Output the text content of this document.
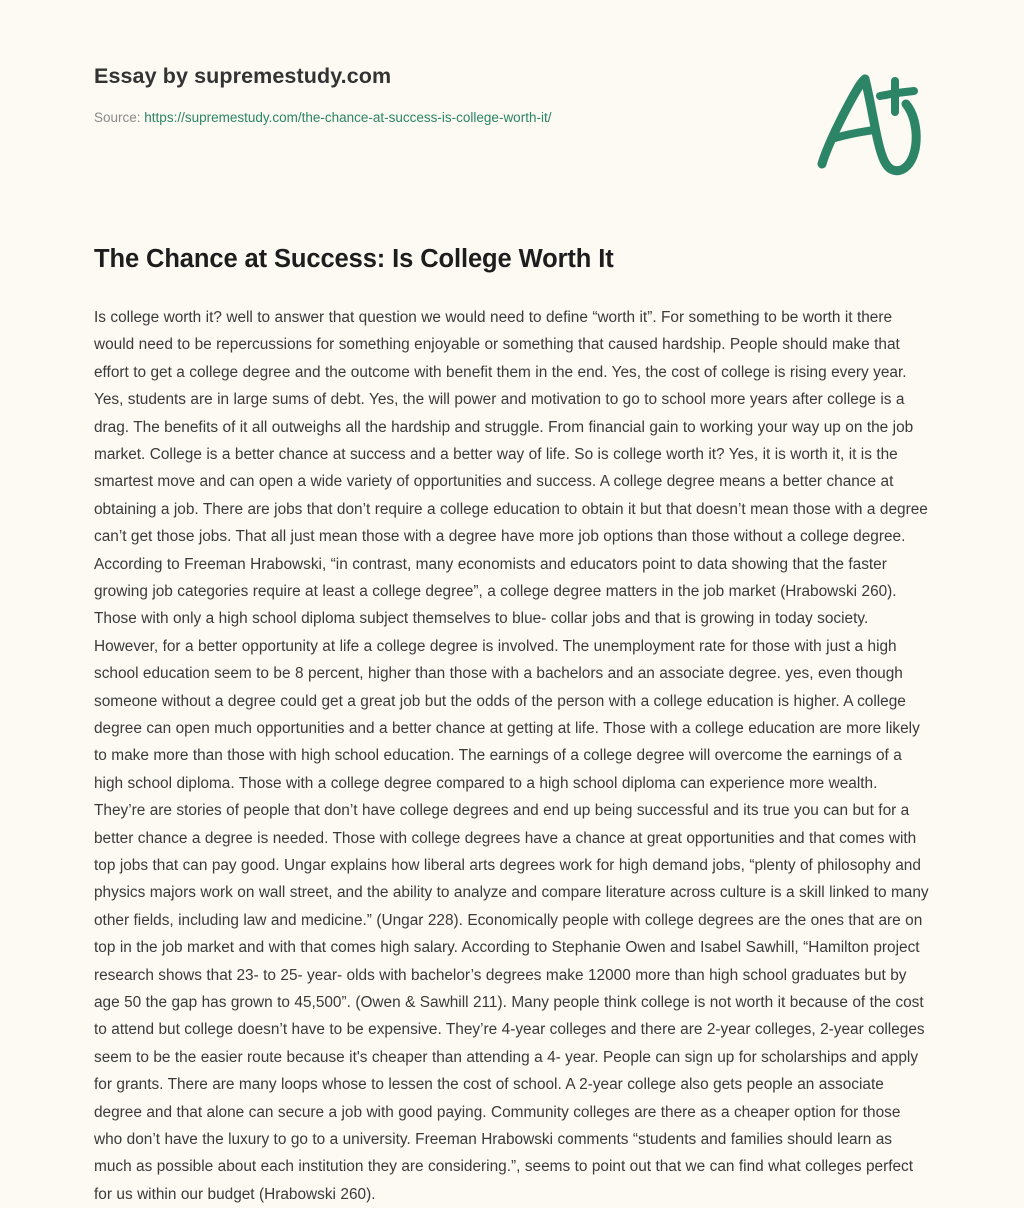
Essay by supremestudy.com
Source: https://supremestudy.com/the-chance-at-success-is-college-worth-it/
The Chance at Success: Is College Worth It

Is college worth it? well to answer that question we would need to define “worth it”. For something to be worth it there would need to be repercussions for something enjoyable or something that caused hardship. People should make that effort to get a college degree and the outcome with benefit them in the end. Yes, the cost of college is rising every year. Yes, students are in large sums of debt. Yes, the will power and motivation to go to school more years after college is a drag. The benefits of it all outweighs all the hardship and struggle. From financial gain to working your way up on the job market. College is a better chance at success and a better way of life. So is college worth it? Yes, it is worth it, it is the smartest move and can open a wide variety of opportunities and success. A college degree means a better chance at obtaining a job. There are jobs that don’t require a college education to obtain it but that doesn’t mean those with a degree can’t get those jobs. That all just mean those with a degree have more job options than those without a college degree. According to Freeman Hrabowski, “in contrast, many economists and educators point to data showing that the faster growing job categories require at least a college degree”, a college degree matters in the job market (Hrabowski 260). Those with only a high school diploma subject themselves to blue- collar jobs and that is growing in today society. However, for a better opportunity at life a college degree is involved. The unemployment rate for those with just a high school education seem to be 8 percent, higher than those with a bachelors and an associate degree. yes, even though someone without a degree could get a great job but the odds of the person with a college education is higher. A college degree can open much opportunities and a better chance at getting at life. Those with a college education are more likely to make more than those with high school education. The earnings of a college degree will overcome the earnings of a high school diploma. Those with a college degree compared to a high school diploma can experience more wealth. They’re are stories of people that don’t have college degrees and end up being successful and its true you can but for a better chance a degree is needed. Those with college degrees have a chance at great opportunities and that comes with top jobs that can pay good. Ungar explains how liberal arts degrees work for high demand jobs, “plenty of philosophy and physics majors work on wall street, and the ability to analyze and compare literature across culture is a skill linked to many other fields, including law and medicine.” (Ungar 228). Economically people with college degrees are the ones that are on top in the job market and with that comes high salary. According to Stephanie Owen and Isabel Sawhill, “Hamilton project research shows that 23- to 25- year- olds with bachelor’s degrees make 12000 more than high school graduates but by age 50 the gap has grown to 45,500”. (Owen & Sawhill 211). Many people think college is not worth it because of the cost to attend but college doesn’t have to be expensive. They’re 4-year colleges and there are 2-year colleges, 2-year colleges seem to be the easier route because it's cheaper than attending a 4- year. People can sign up for scholarships and apply for grants. There are many loops whose to lessen the cost of school. A 2-year college also gets people an associate degree and that alone can secure a job with good paying. Community colleges are there as a cheaper option for those who don’t have the luxury to go to a university. Freeman Hrabowski comments “students and families should learn as much as possible about each institution they are considering.”, seems to point out that we can find what colleges perfect for us within our budget (Hrabowski 260).
